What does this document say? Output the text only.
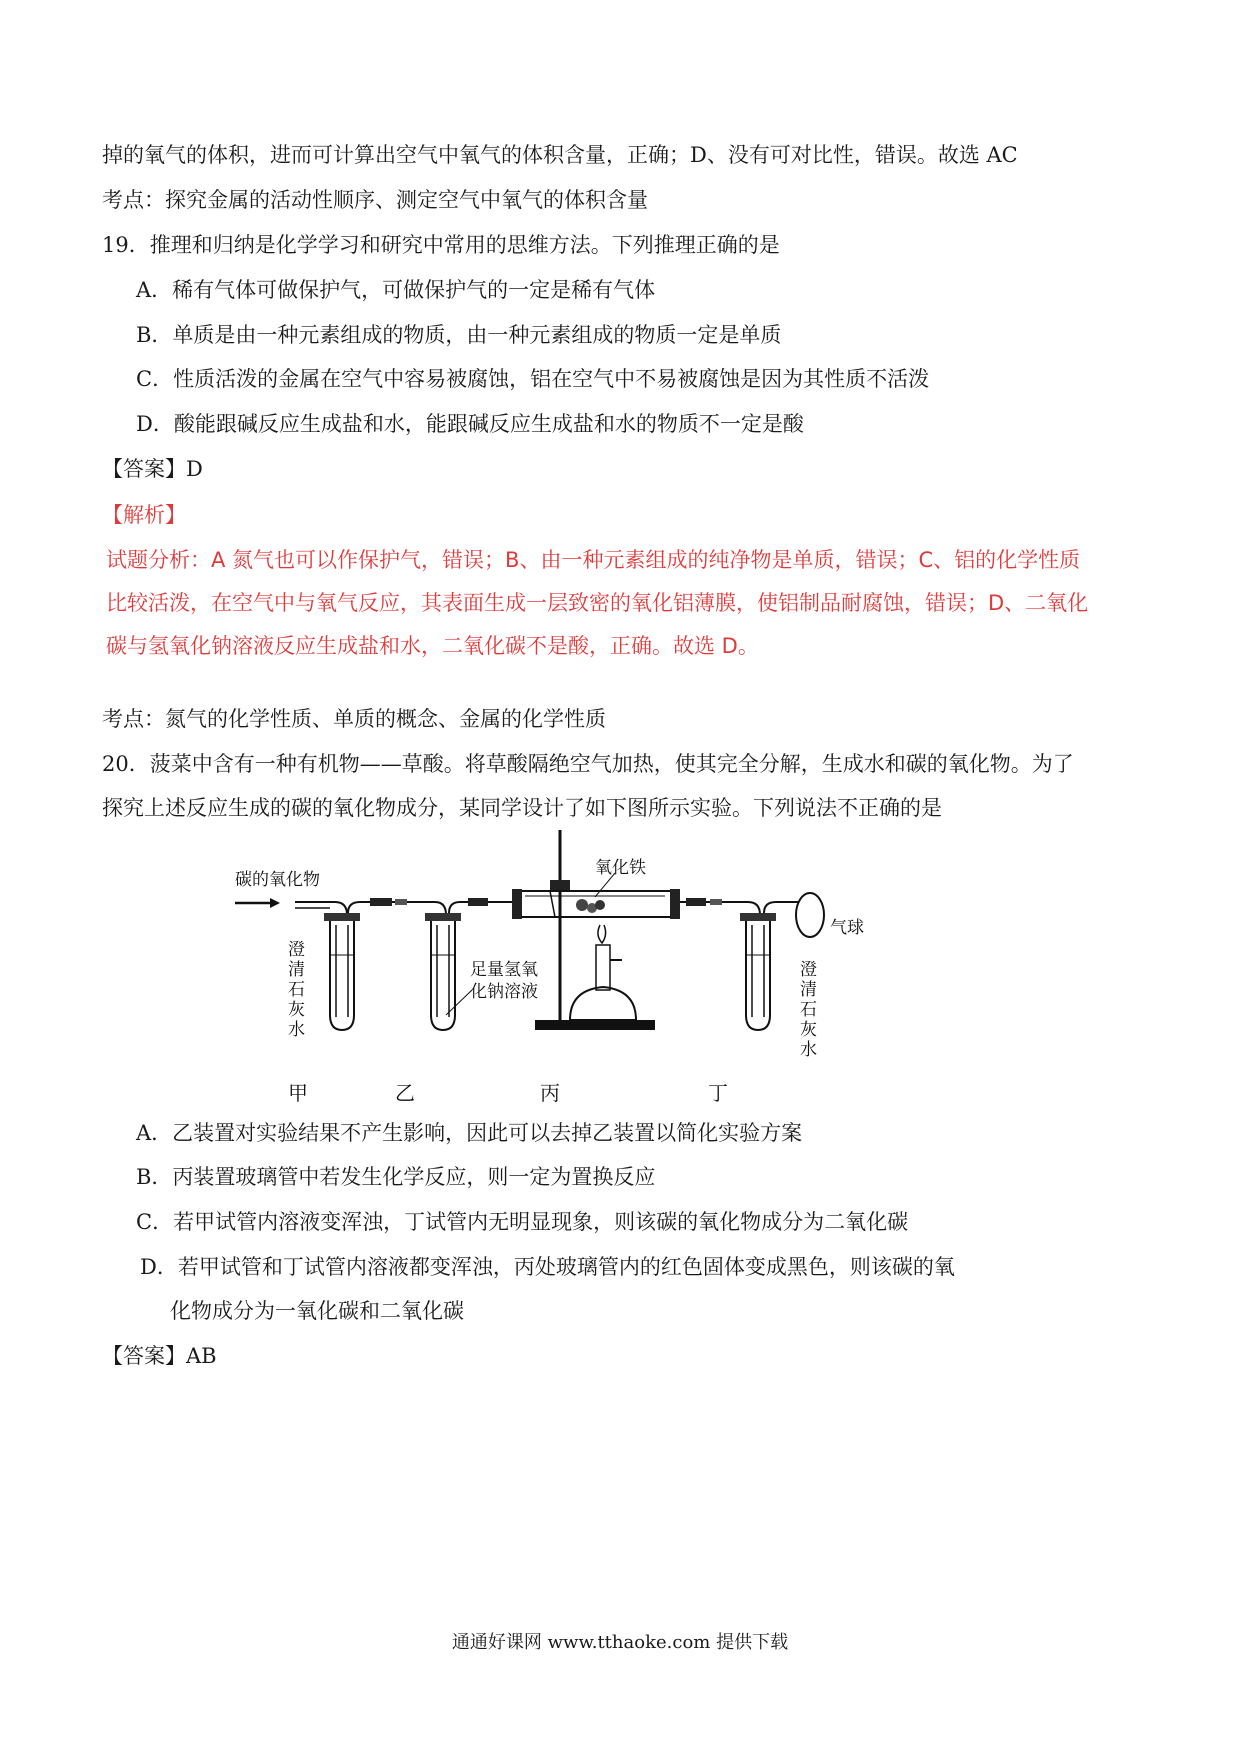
掉的氧气的体积，进而可计算出空气中氧气的体积含量，正确；D、没有可对比性，错误。故选 AC
考点：探究金属的活动性顺序、测定空气中氧气的体积含量
19．推理和归纳是化学学习和研究中常用的思维方法。下列推理正确的是
A．稀有气体可做保护气，可做保护气的一定是稀有气体
B．单质是由一种元素组成的物质，由一种元素组成的物质一定是单质
C．性质活泼的金属在空气中容易被腐蚀，铝在空气中不易被腐蚀是因为其性质不活泼
D．酸能跟碱反应生成盐和水，能跟碱反应生成盐和水的物质不一定是酸
【答案】D
【解析】
试题分析：A 氮气也可以作保护气，错误；B、由一种元素组成的纯净物是单质，错误；C、铝的化学性质
比较活泼，在空气中与氧气反应，其表面生成一层致密的氧化铝薄膜，使铝制品耐腐蚀，错误；D、二氧化
碳与氢氧化钠溶液反应生成盐和水，二氧化碳不是酸，正确。故选 D。
考点：氮气的化学性质、单质的概念、金属的化学性质
20．菠菜中含有一种有机物——草酸。将草酸隔绝空气加热，使其完全分解，生成水和碳的氧化物。为了
探究上述反应生成的碳的氧化物成分，某同学设计了如下图所示实验。下列说法不正确的是
碳的氧化物
氧化铁
气球
澄
清
石
灰
水
足量氢氧
化钠溶液
澄
清
石
灰
水
甲	乙	丙	丁
A．乙装置对实验结果不产生影响，因此可以去掉乙装置以简化实验方案
B．丙装置玻璃管中若发生化学反应，则一定为置换反应
C．若甲试管内溶液变浑浊，丁试管内无明显现象，则该碳的氧化物成分为二氧化碳
D．若甲试管和丁试管内溶液都变浑浊，丙处玻璃管内的红色固体变成黑色，则该碳的氧
化物成分为一氧化碳和二氧化碳
【答案】AB
通通好课网 www.tthaoke.com 提供下载
